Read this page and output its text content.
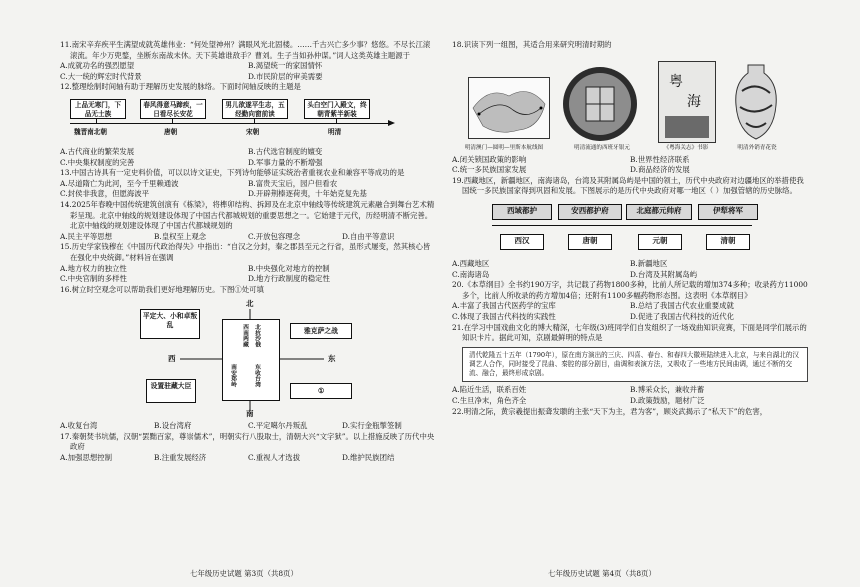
11.南宋辛弃疾平生满望成就英雄伟业：“何处望神州？满眼风光北固楼。……千古兴亡多少事？悠悠。不尽长江滚滚流。年少万兜鍪，坐断东南战未休。天下英雄谁敌手？曹刘。生子当如孙仲谋。”词人这类英雄主题源于

A.成就功名的强烈愿望	B.渴望统一的家国情怀
C.大一统的辉宏时代背景	D.市民阶层的审美需要

12.整理绘制时间轴有助于理解历史发展的脉络。下面时间轴反映的主题是

上品无寒门，下品无士族
春风得意马蹄疾，一日看尽长安花
男儿欲遂平生志，五经勤向窗前读
头白空门入殿文，终朝青紫半新装
魏晋南北朝	唐朝	宋朝	明清
A.古代商业的繁荣发展	B.古代选官制度的嬗变
C.中央集权制度的完善	D.军事力量的不断增强

13.中国古诗具有一定史料价值，可以以诗文证史，下列诗句能够证实统治者重视农业和兼容平等成功的是

A.尽道隋亡为此河，至今千里赖通波	B.富贵天宝后，园户但看农
C.封侯非我意，但愿海波平	D.开辟荆榛逐荷夷，十年始克复先基

14.2025年春晚中国传统建筑创演有《栋梁》，将榫卯结构、拆卸及在北京中轴线等传统建筑元素融合到舞台艺术精彩呈现。北京中轴线的规划建设体现了中国古代都城规划的重要思想之一。它始建于元代，历经明清不断完善。北京中轴线的规划建设体现了中国古代都城规划的

A.民主平等思想	B.皇权至上观念	C.开放包容理念	D.自由平等意识

15.历史学家钱穆在《中国历代政治得失》中指出：“自汉之分封，秦之郡县至元之行省，虽形式屡变，然其核心皆在强化中央统御。”材料旨在强调

A.地方权力的独立性	B.中央强化对地方的控制
C.中央官制的多样性	D.地方行政制度的稳定性

16.树立时空观念可以帮助我们更好地理解历史。下图①处可填

北
南
西	东
平定大、小和卓叛乱
雅克萨之战
设置驻藏大臣
①
北抗沙俄
西南两藏
东收台湾
南安郑岭
A.收复台湾	B.设台湾府	C.平定噶尔丹叛乱	D.实行金瓶掣签制

17.秦朝焚书坑儒，汉朝“罢黜百家，尊崇儒术”，明朝实行八股取士，清朝大兴“文字狱”。以上措施反映了历代中央政府

A.加强思想控制	B.注重发展经济	C.重视人才选拔	D.维护民族团结
七年级历史试题 第3页（共8页）

18.识读下列一组图，其适合用来研究明清时期的

粤
海
明清澳门—圆明—里斯本航线图	明清流通的西班牙银元	《粤海关志》书影	明清外销青花瓷
A.闭关锁国政策的影响	B.世界性经济联系
C.统一多民族国家发展	D.商品经济的发展

19.西藏地区，新疆地区，南海诸岛，台湾及其附属岛屿是中国的领土，历代中央政府对边疆地区的举措使我国统一多民族国家得到巩固和发展。下图展示的是历代中央政府对哪一地区（ ）加强管辖的历史脉络。

西域都护	安西都护府	北庭都元帅府	伊犁将军
西汉	唐朝	元朝	清朝
A.西藏地区	B.新疆地区
C.南海诸岛	D.台湾及其附属岛屿

20.《本草纲目》全书约190万字，共记载了药物1800多种，比前人所记载的增加374多种；收录药方11000多个，比前人所收录的药方增加4倍；还附有1100多幅药物形态图。这表明《本草纲目》

A.丰富了我国古代医药学的宝库	B.总结了我国古代农业重要成就
C.体现了我国古代科技的实践性	D.促进了我国古代科技的近代化

21.在学习中国戏曲文化的博大精深，七年级(3)班同学们自发组织了一场戏曲知识竞赛，下面是同学们展示的知识卡片。据此可知，京剧最鲜明的特点是

清代乾隆五十五年（1790年），原在南方演出的三庆、四喜、春台、和春四大徽班陆续进入北京，与来自湖北的汉调艺人合作，同时接受了昆曲、秦腔的部分剧目，曲调和表演方法，又吸收了一些地方民间曲调，通过不断的交流、融合，最终形成京剧。
A.陷近生活，联系百姓	B.博采众长，兼收并蓄
C.生旦净末，角色齐全	D.政策鼓励，题材广泛

22.明清之际，黄宗羲提出振聋发聩的主张“天下为主，君为客”，顾炎武揭示了“私天下”的危害，

七年级历史试题 第4页（共8页）
